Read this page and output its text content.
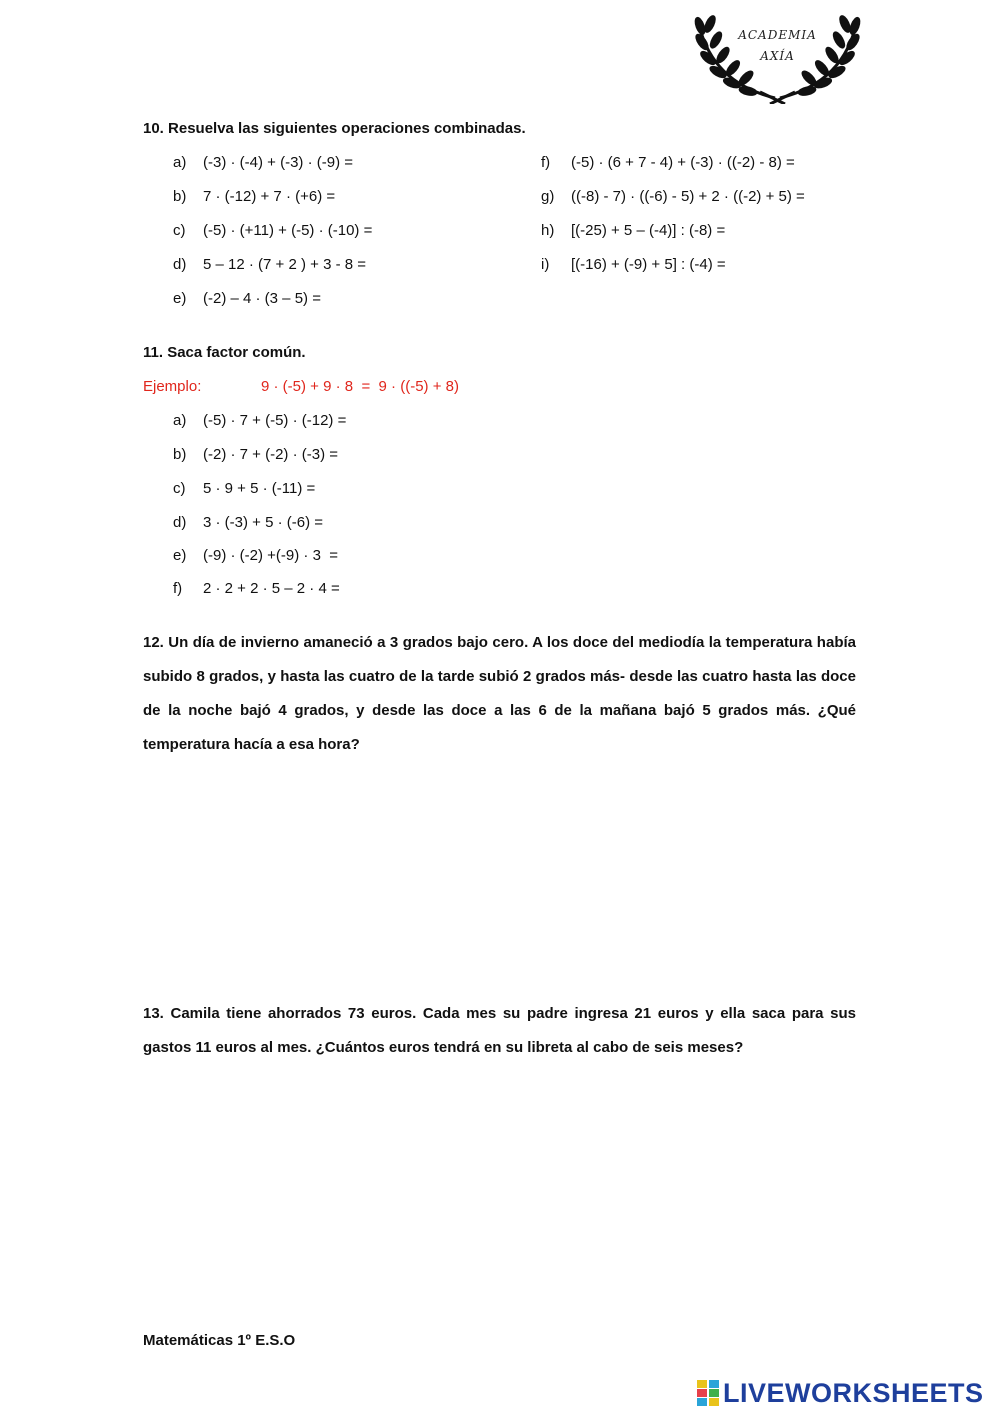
ACADEMIA
AXÍA
10. Resuelva las siguientes operaciones combinadas.
a) (-3) · (-4) + (-3) · (-9) =
b) 7 · (-12) + 7 · (+6) =
c) (-5) · (+11) + (-5) · (-10) =
d) 5 – 12 · (7 + 2 ) + 3 - 8 =
e) (-2) – 4 · (3 – 5) =
f) (-5) · (6 + 7 - 4) + (-3) · ((-2) - 8) =
g) ((-8) - 7) · ((-6) - 5) + 2 · ((-2) + 5) =
h) [(-25) + 5 – (-4)] : (-8) =
i) [(-16) + (-9) + 5] : (-4) =
11. Saca factor común.
Ejemplo:	9 · (-5) + 9 · 8  =  9 · ((-5) + 8)
a) (-5) · 7 + (-5) · (-12) =
b) (-2) · 7 + (-2) · (-3) =
c) 5 · 9 + 5 · (-11) =
d) 3 · (-3) + 5 · (-6) =
e) (-9) · (-2) +(-9) · 3  =
f) 2 · 2 + 2 · 5 – 2 · 4 =
12. Un día de invierno amaneció a 3 grados bajo cero. A los doce del mediodía la temperatura había subido 8 grados, y hasta las cuatro de la tarde subió 2 grados más- desde las cuatro hasta las doce de la noche bajó 4 grados, y desde las doce a las 6 de la mañana bajó 5 grados más. ¿Qué temperatura hacía a esa hora?
13. Camila tiene ahorrados 73 euros. Cada mes su padre ingresa 21 euros y ella saca para sus gastos 11 euros al mes. ¿Cuántos euros tendrá en su libreta al cabo de seis meses?
Matemáticas 1º E.S.O
LIVEWORKSHEETS
